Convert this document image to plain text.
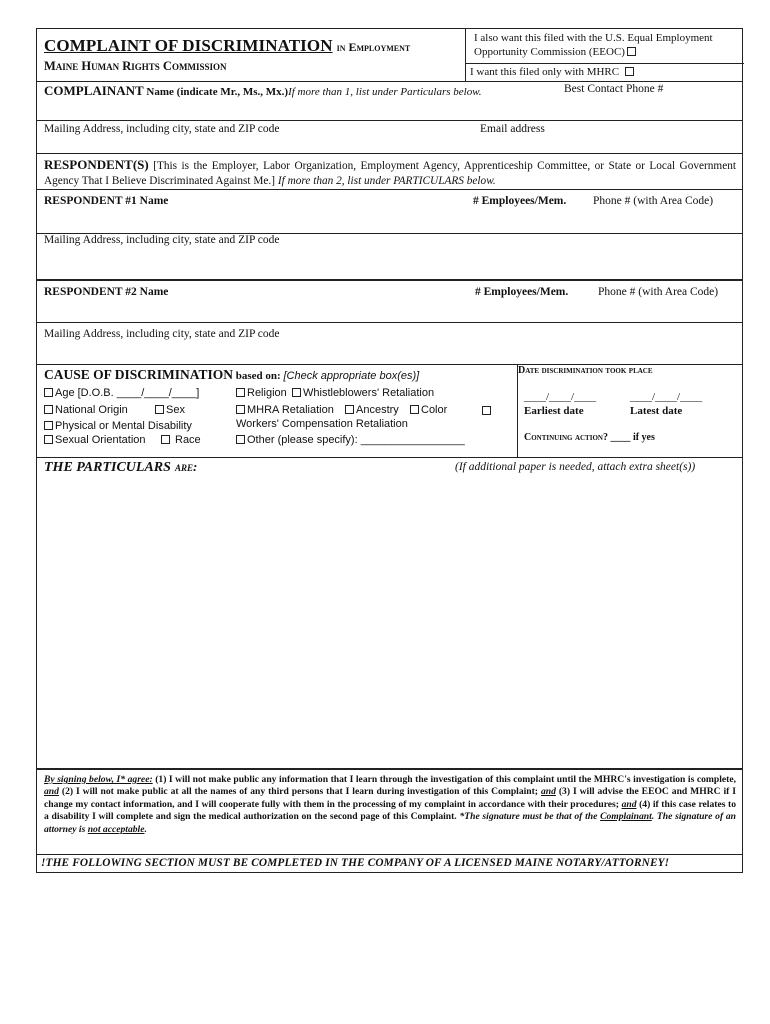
COMPLAINT OF DISCRIMINATION in Employment
Maine Human Rights Commission
I also want this filed with the U.S. Equal Employment Opportunity Commission (EEOC)
I want this filed only with MHRC
COMPLAINANT Name (indicate Mr., Ms., Mx.)If more than 1, list under Particulars below.	Best Contact Phone #
Mailing Address, including city, state and ZIP code	Email address
RESPONDENT(S) [This is the Employer, Labor Organization, Employment Agency, Apprenticeship Committee, or State or Local Government Agency That I Believe Discriminated Against Me.] If more than 2, list under PARTICULARS below.
RESPONDENT #1 Name	# Employees/Mem. Phone # (with Area Code)
Mailing Address, including city, state and ZIP code
RESPONDENT #2 Name	# Employees/Mem.	Phone # (with Area Code)
Mailing Address, including city, state and ZIP code
CAUSE OF DISCRIMINATION based on: [Check appropriate box(es)]
Age [D.O.B. ____/____/____]
National Origin	Sex
Physical or Mental Disability
Sexual Orientation	Race
Religion	Whistleblowers' Retaliation
MHRA Retaliation	Ancestry	Color
Workers' Compensation Retaliation
Other (please specify): _________________
Date discrimination took place
____/____/____	____/____/____
Earliest date	Latest date
Continuing action? ____ if yes
THE PARTICULARS are:	(If additional paper is needed, attach extra sheet(s))
By signing below, I* agree: (1) I will not make public any information that I learn through the investigation of this complaint until the MHRC's investigation is complete, and (2) I will not make public at all the names of any third persons that I learn during investigation of this Complaint; and (3) I will advise the EEOC and MHRC if I change my contact information, and I will cooperate fully with them in the processing of my complaint in accordance with their procedures; and (4) if this case relates to a disability I will complete and sign the medical authorization on the second page of this Complaint. *The signature must be that of the Complainant. The signature of an attorney is not acceptable.
!THE FOLLOWING SECTION MUST BE COMPLETED IN THE COMPANY OF A LICENSED MAINE NOTARY/ATTORNEY!
